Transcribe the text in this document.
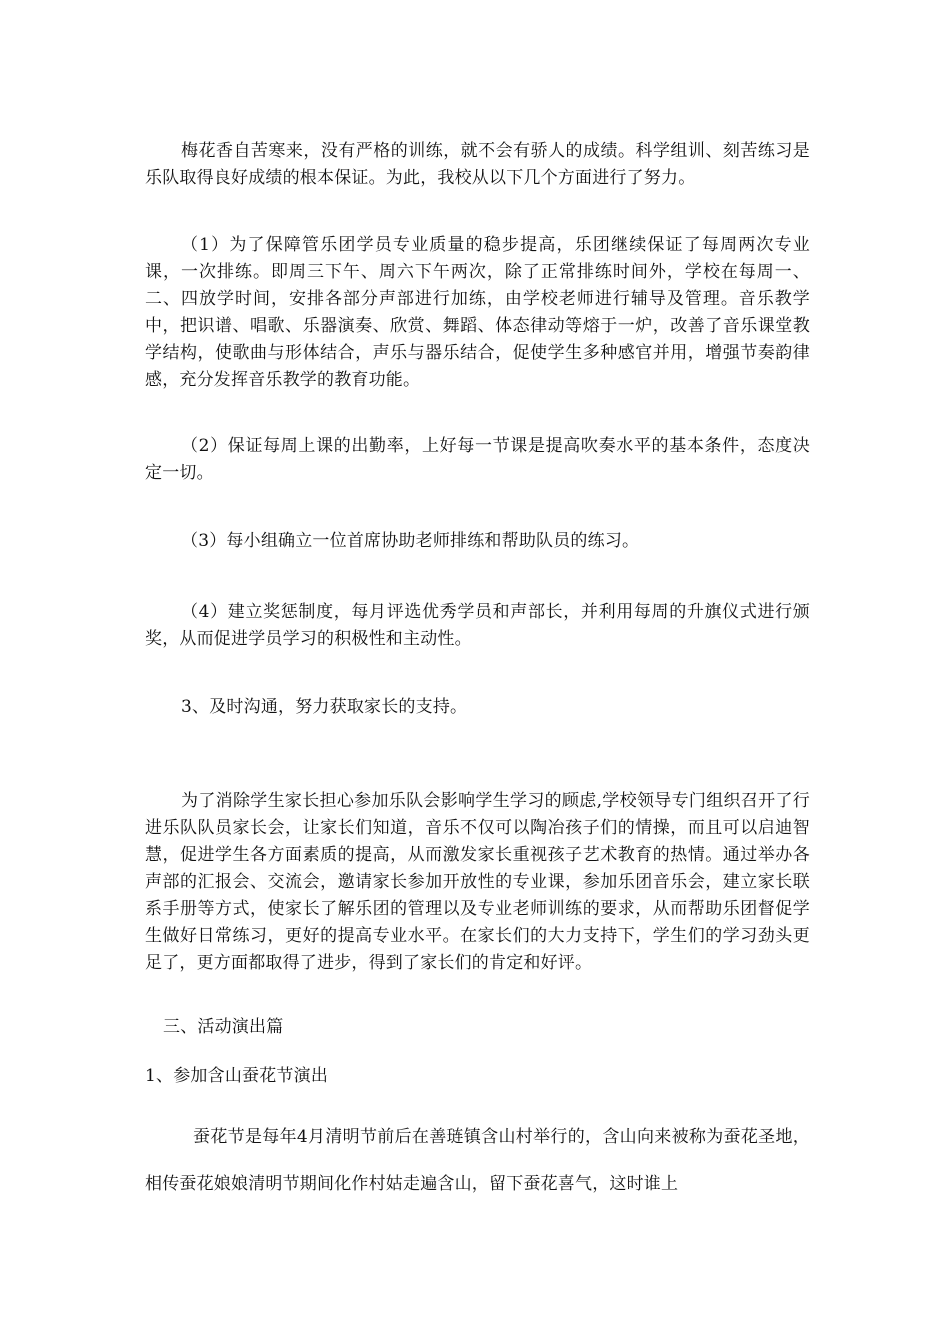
梅花香自苦寒来，没有严格的训练，就不会有骄人的成绩。科学组训、刻苦练习是乐队取得良好成绩的根本保证。为此，我校从以下几个方面进行了努力。

（1）为了保障管乐团学员专业质量的稳步提高，乐团继续保证了每周两次专业课，一次排练。即周三下午、周六下午两次，除了正常排练时间外，学校在每周一、二、四放学时间，安排各部分声部进行加练，由学校老师进行辅导及管理。音乐教学中，把识谱、唱歌、乐器演奏、欣赏、舞蹈、体态律动等熔于一炉，改善了音乐课堂教学结构，使歌曲与形体结合，声乐与器乐结合，促使学生多种感官并用，增强节奏韵律感，充分发挥音乐教学的教育功能。

（2）保证每周上课的出勤率，上好每一节课是提高吹奏水平的基本条件，态度决定一切。

（3）每小组确立一位首席协助老师排练和帮助队员的练习。

（4）建立奖惩制度，每月评选优秀学员和声部长，并利用每周的升旗仪式进行颁奖，从而促进学员学习的积极性和主动性。

3、及时沟通，努力获取家长的支持。

为了消除学生家长担心参加乐队会影响学生学习的顾虑,学校领导专门组织召开了行进乐队队员家长会，让家长们知道，音乐不仅可以陶冶孩子们的情操，而且可以启迪智慧，促进学生各方面素质的提高，从而激发家长重视孩子艺术教育的热情。通过举办各声部的汇报会、交流会，邀请家长参加开放性的专业课，参加乐团音乐会，建立家长联系手册等方式，使家长了解乐团的管理以及专业老师训练的要求，从而帮助乐团督促学生做好日常练习，更好的提高专业水平。在家长们的大力支持下，学生们的学习劲头更足了，更方面都取得了进步，得到了家长们的肯定和好评。

三、活动演出篇

1、参加含山蚕花节演出

蚕花节是每年4月清明节前后在善琏镇含山村举行的，含山向来被称为蚕花圣地，相传蚕花娘娘清明节期间化作村姑走遍含山，留下蚕花喜气，这时谁上
